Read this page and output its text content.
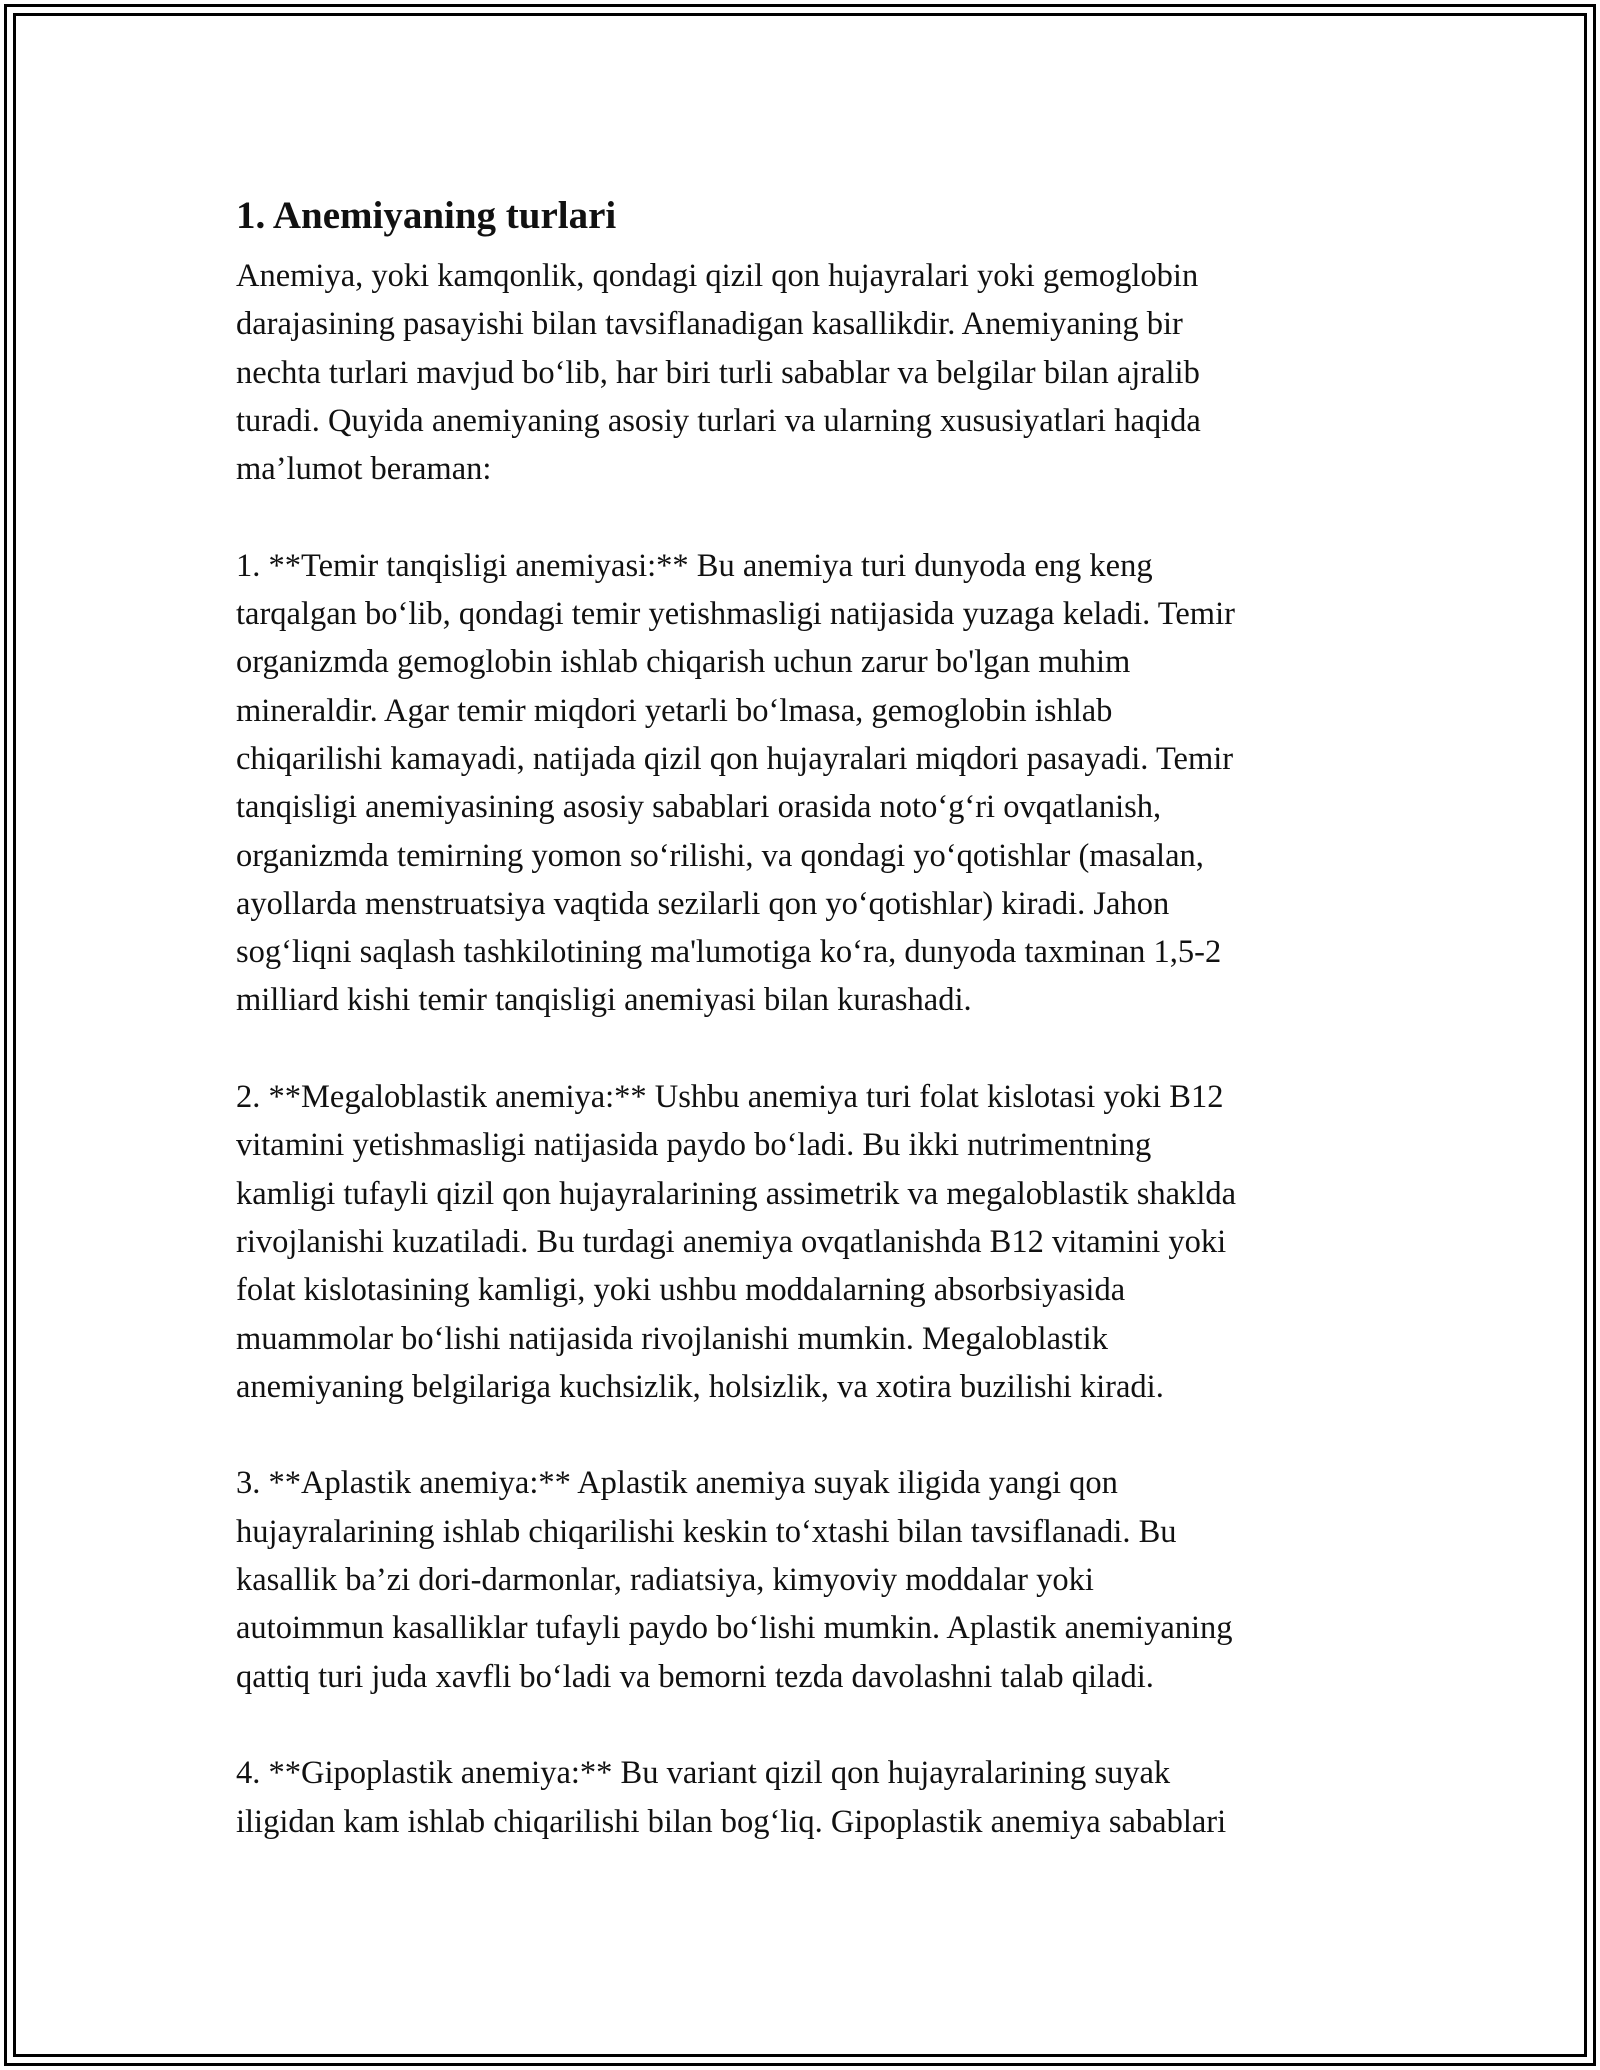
1. Anemiyaning turlari
Anemiya, yoki kamqonlik, qondagi qizil qon hujayralari yoki gemoglobin
darajasining pasayishi bilan tavsiflanadigan kasallikdir. Anemiyaning bir
nechta turlari mavjud bo‘lib, har biri turli sabablar va belgilar bilan ajralib
turadi. Quyida anemiyaning asosiy turlari va ularning xususiyatlari haqida
ma’lumot beraman:
1. **Temir tanqisligi anemiyasi:** Bu anemiya turi dunyoda eng keng
tarqalgan bo‘lib, qondagi temir yetishmasligi natijasida yuzaga keladi. Temir
organizmda gemoglobin ishlab chiqarish uchun zarur bo'lgan muhim
mineraldir. Agar temir miqdori yetarli bo‘lmasa, gemoglobin ishlab
chiqarilishi kamayadi, natijada qizil qon hujayralari miqdori pasayadi. Temir
tanqisligi anemiyasining asosiy sabablari orasida noto‘g‘ri ovqatlanish,
organizmda temirning yomon so‘rilishi, va qondagi yo‘qotishlar (masalan,
ayollarda menstruatsiya vaqtida sezilarli qon yo‘qotishlar) kiradi. Jahon
sog‘liqni saqlash tashkilotining ma'lumotiga ko‘ra, dunyoda taxminan 1,5-2
milliard kishi temir tanqisligi anemiyasi bilan kurashadi.
2. **Megaloblastik anemiya:** Ushbu anemiya turi folat kislotasi yoki B12
vitamini yetishmasligi natijasida paydo bo‘ladi. Bu ikki nutrimentning
kamligi tufayli qizil qon hujayralarining assimetrik va megaloblastik shaklda
rivojlanishi kuzatiladi. Bu turdagi anemiya ovqatlanishda B12 vitamini yoki
folat kislotasining kamligi, yoki ushbu moddalarning absorbsiyasida
muammolar bo‘lishi natijasida rivojlanishi mumkin. Megaloblastik
anemiyaning belgilariga kuchsizlik, holsizlik, va xotira buzilishi kiradi.
3. **Aplastik anemiya:** Aplastik anemiya suyak iligida yangi qon
hujayralarining ishlab chiqarilishi keskin to‘xtashi bilan tavsiflanadi. Bu
kasallik ba’zi dori-darmonlar, radiatsiya, kimyoviy moddalar yoki
autoimmun kasalliklar tufayli paydo bo‘lishi mumkin. Aplastik anemiyaning
qattiq turi juda xavfli bo‘ladi va bemorni tezda davolashni talab qiladi.
4. **Gipoplastik anemiya:** Bu variant qizil qon hujayralarining suyak
iligidan kam ishlab chiqarilishi bilan bog‘liq. Gipoplastik anemiya sabablari
